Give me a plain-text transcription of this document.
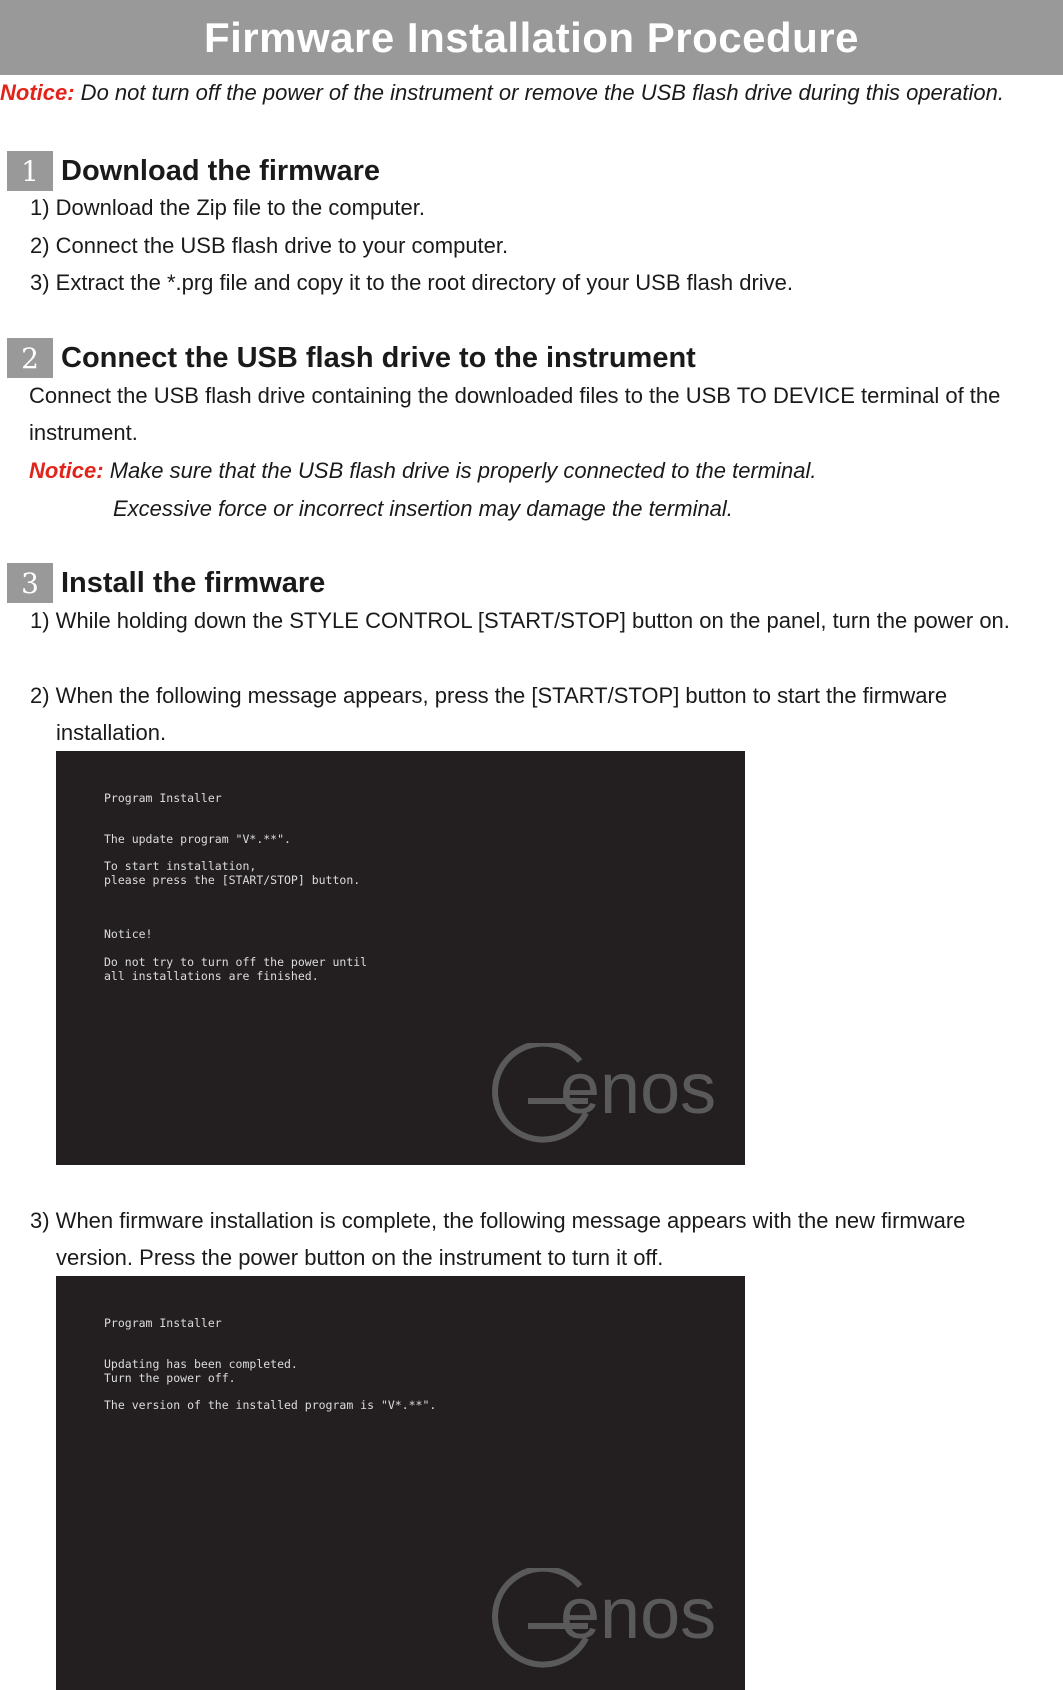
Firmware Installation Procedure
Notice: Do not turn off the power of the instrument or remove the USB flash drive during this operation.
1 Download the firmware
1) Download the Zip file to the computer.
2) Connect the USB flash drive to your computer.
3) Extract the *.prg file and copy it to the root directory of your USB flash drive.
2 Connect the USB flash drive to the instrument
Connect the USB flash drive containing the downloaded files to the USB TO DEVICE terminal of the
instrument.
Notice: Make sure that the USB flash drive is properly connected to the terminal.
Excessive force or incorrect insertion may damage the terminal.
3 Install the firmware
1) While holding down the STYLE CONTROL [START/STOP] button on the panel, turn the power on.
2) When the following message appears, press the [START/STOP] button to start the firmware
installation.
Program Installer
The update program "V*.**".
To start installation,
please press the [START/STOP] button.
Notice!
Do not try to turn off the power until
all installations are finished.
enos
3) When firmware installation is complete, the following message appears with the new firmware
version. Press the power button on the instrument to turn it off.
Program Installer
Updating has been completed.
Turn the power off.
The version of the installed program is "V*.**".
enos
